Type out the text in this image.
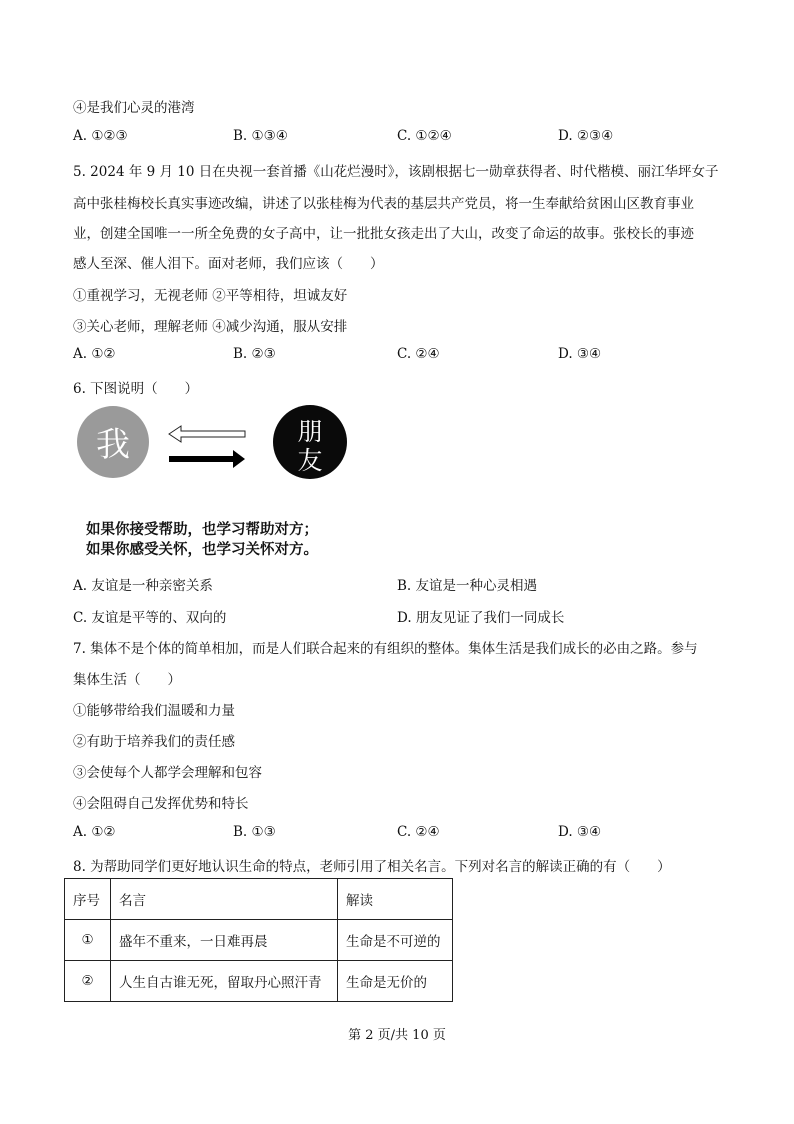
④是我们心灵的港湾
A. ①②③	B. ①③④	C. ①②④	D. ②③④
5. 2024 年 9 月 10 日在央视一套首播《山花烂漫时》，该剧根据七一勋章获得者、时代楷模、丽江华坪女子
高中张桂梅校长真实事迹改编，讲述了以张桂梅为代表的基层共产党员，将一生奉献给贫困山区教育事业
业，创建全国唯一一所全免费的女子高中，让一批批女孩走出了大山，改变了命运的故事。张校长的事迹
感人至深、催人泪下。面对老师，我们应该（　　）
①重视学习，无视老师 ②平等相待，坦诚友好
③关心老师，理解老师 ④减少沟通，服从安排
A. ①②	B. ②③	C. ②④	D. ③④
6. 下图说明（　　）
我	朋
友
如果你接受帮助，也学习帮助对方；
如果你感受关怀，也学习关怀对方。
A. 友谊是一种亲密关系	B. 友谊是一种心灵相遇
C. 友谊是平等的、双向的	D. 朋友见证了我们一同成长
7. 集体不是个体的简单相加，而是人们联合起来的有组织的整体。集体生活是我们成长的必由之路。参与
集体生活（　　）
①能够带给我们温暖和力量
②有助于培养我们的责任感
③会使每个人都学会理解和包容
④会阻碍自己发挥优势和特长
A. ①②	B. ①③	C. ②④	D. ③④
8. 为帮助同学们更好地认识生命的特点，老师引用了相关名言。下列对名言的解读正确的有（　　）
序号	名言	解读
①	盛年不重来，一日难再晨	生命是不可逆的
②	人生自古谁无死，留取丹心照汗青	生命是无价的
第 2 页/共 10 页
